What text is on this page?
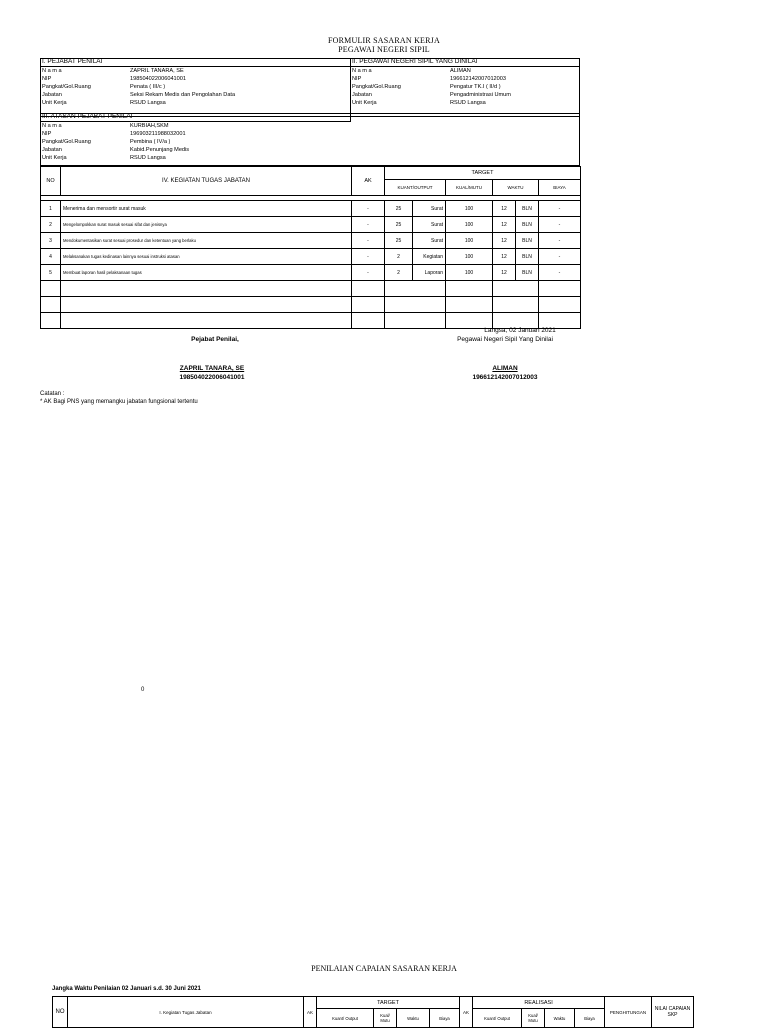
FORMULIR SASARAN KERJA
PEGAWAI NEGERI SIPIL
I. PEJABAT PENILAI	II. PEGAWAI NEGERI SIPIL YANG DINILAI
N a m a	ZAPRIL TANARA, SE
NIP	198504022006041001
Pangkat/Gol.Ruang	Penata ( III/c )
Jabatan	Seksi Rekam Medis dan Pengolahan Data
Unit Kerja	RSUD Langsa
N a m a	ALIMAN
NIP	196612142007012003
Pangkat/Gol.Ruang	Pengatur TK.I ( II/d )
Jabatan	Pengadministrasi Umum
Unit Kerja	RSUD Langsa
III. ATASAN PEJABAT PENILAI
N a m a	KURBIAH,SKM
NIP	196903211988032001
Pangkat/Gol.Ruang	Pembina ( IV/a )
Jabatan	Kabid.Penunjang Medis
Unit Kerja	RSUD Langsa
NO	IV. KEGIATAN TUGAS JABATAN	AK	TARGET					
			KUANT/OUTPUT		KUAL/MUTU	WAKTU		BIAYA

1	Menerima dan mensortir surat masuk	-	25	Surat	100	12	BLN	-
2	Mengelompokkan surat masuk sesuai sifat dan jenisnya	-	25	Surat	100	12	BLN	-
3	Mendokumentasikan surat sesuai prosedur dan ketentuan yang berlaku	-	25	Surat	100	12	BLN	-
4	Melaksanakan tugas kedinasan lainnya sesuai instruksi atasan	-	2	Kegiatan	100	12	BLN	-
5	Membuat laporan hasil pelaksanaan tugas	-	2	Laporan	100	12	BLN	-

Langsa, 02 Januari 2021
Pejabat Penilai,	Pegawai Negeri Sipil Yang Dinilai
ZAPRIL TANARA, SE
198504022006041001
ALIMAN
196612142007012003
Catatan :
* AK Bagi PNS yang memangku jabatan fungsional tertentu
0
PENILAIAN CAPAIAN SASARAN KERJA
Jangka Waktu Penilaian 02 Januari s.d. 30 Juni 2021
NO	I. Kegiatan Tugas Jabatan	AK	TARGET				AK	REALISASI				PENGHITUNGAN	NILAI CAPAIAN SKP
			Kuant/ Output	Kual/ Mutu	Waktu	Biaya		Kuant/ Output	Kual/ Mutu	Waktu	Biaya		
